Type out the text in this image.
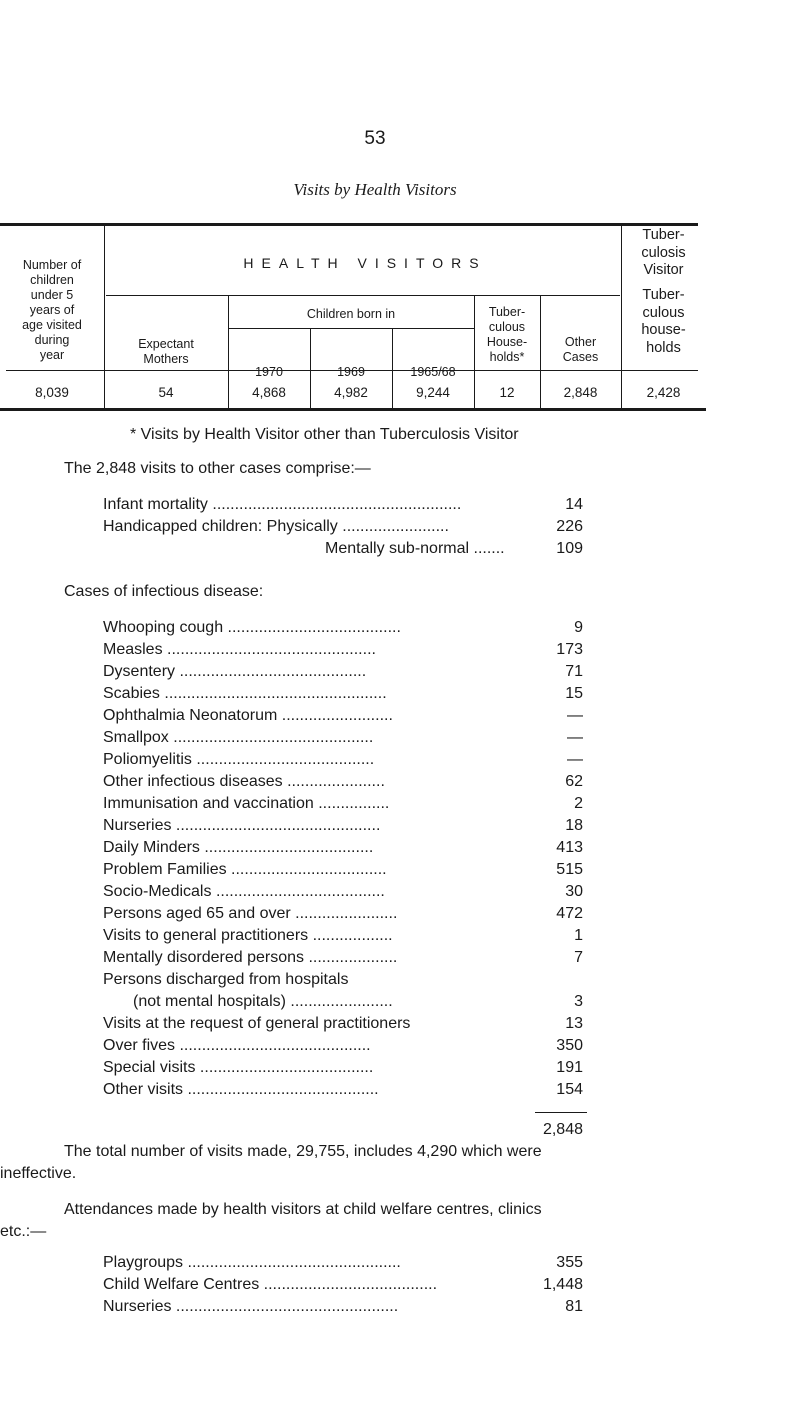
53
Visits by Health Visitors
Number of
children
under 5
years of
age visited
during
year
HEALTH VISITORS
Expectant
Mothers
Children born in
1970	1969	1965/68
Tuber-
culous
House-
holds*
Other
Cases
Tuber-
culosis
Visitor
Tuber-
culous
house-
holds
8,039	54	4,868	4,982	9,244	12	2,848	2,428
* Visits by Health Visitor other than Tuberculosis Visitor
The 2,848 visits to other cases comprise:—
Infant mortality ........................................................	14
Handicapped children: Physically ........................	226
Mentally sub-normal .......	109
Cases of infectious disease:
Whooping cough .......................................	9
Measles ...............................................	173
Dysentery ..........................................	71
Scabies ..................................................	15
Ophthalmia Neonatorum .........................	—
Smallpox .............................................	—
Poliomyelitis ........................................	—
Other infectious diseases ......................	62
Immunisation and vaccination ................	2
Nurseries ..............................................	18
Daily Minders ......................................	413
Problem Families ...................................	515
Socio-Medicals ......................................	30
Persons aged 65 and over .......................	472
Visits to general practitioners ..................	1
Mentally disordered persons ....................	7
Persons discharged from hospitals
(not mental hospitals) .......................	3
Visits at the request of general practitioners	13
Over fives ...........................................	350
Special visits .......................................	191
Other visits ...........................................	154
2,848
The total number of visits made, 29,755, includes 4,290 which were
ineffective.
Attendances made by health visitors at child welfare centres, clinics
etc.:—
Playgroups ................................................	355
Child Welfare Centres .......................................	1,448
Nurseries ..................................................	81
